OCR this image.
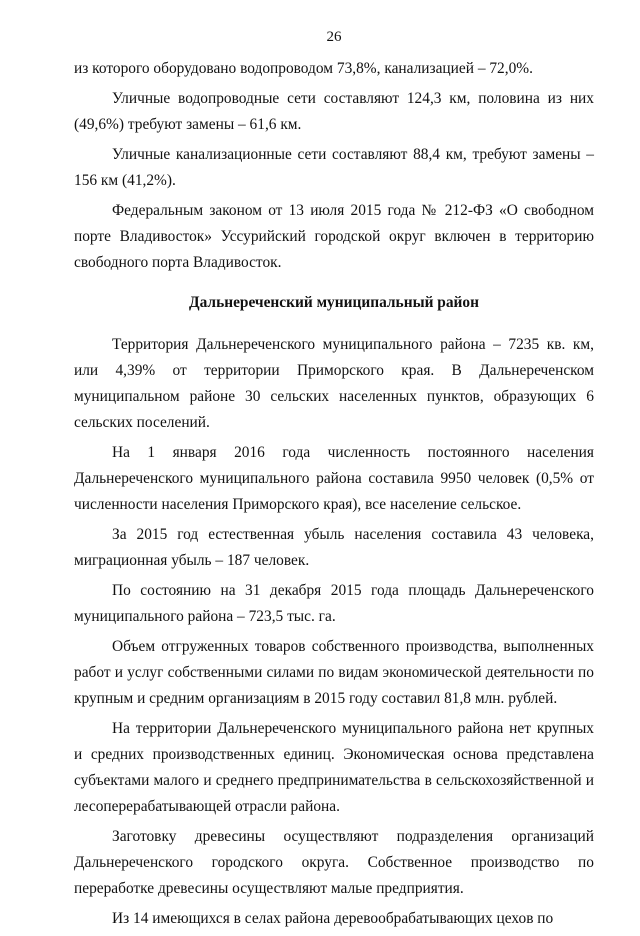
26

из которого оборудовано водопроводом 73,8%, канализацией – 72,0%.

Уличные водопроводные сети составляют 124,3 км, половина из них (49,6%) требуют замены – 61,6 км.

Уличные канализационные сети составляют 88,4 км, требуют замены – 156 км (41,2%).

Федеральным законом от 13 июля 2015 года № 212-ФЗ «О свободном порте Владивосток» Уссурийский городской округ включен в территорию свободного порта Владивосток.

Дальнереченский муниципальный район

Территория Дальнереченского муниципального района – 7235 кв. км, или 4,39% от территории Приморского края. В Дальнереченском муниципальном районе 30 сельских населенных пунктов, образующих 6 сельских поселений.

На 1 января 2016 года численность постоянного населения Дальнереченского муниципального района составила 9950 человек (0,5% от численности населения Приморского края), все население сельское.

За 2015 год естественная убыль населения составила 43 человека, миграционная убыль – 187 человек.

По состоянию на 31 декабря 2015 года площадь Дальнереченского муниципального района – 723,5 тыс. га.

Объем отгруженных товаров собственного производства, выполненных работ и услуг собственными силами по видам экономической деятельности по крупным и средним организациям в 2015 году составил 81,8 млн. рублей.

На территории Дальнереченского муниципального района нет крупных и средних производственных единиц. Экономическая основа представлена субъектами малого и среднего предпринимательства в сельскохозяйственной и лесоперерабатывающей отрасли района.

Заготовку древесины осуществляют подразделения организаций Дальнереченского городского округа. Собственное производство по переработке древесины осуществляют малые предприятия.

Из 14 имеющихся в селах района деревообрабатывающих цехов по
